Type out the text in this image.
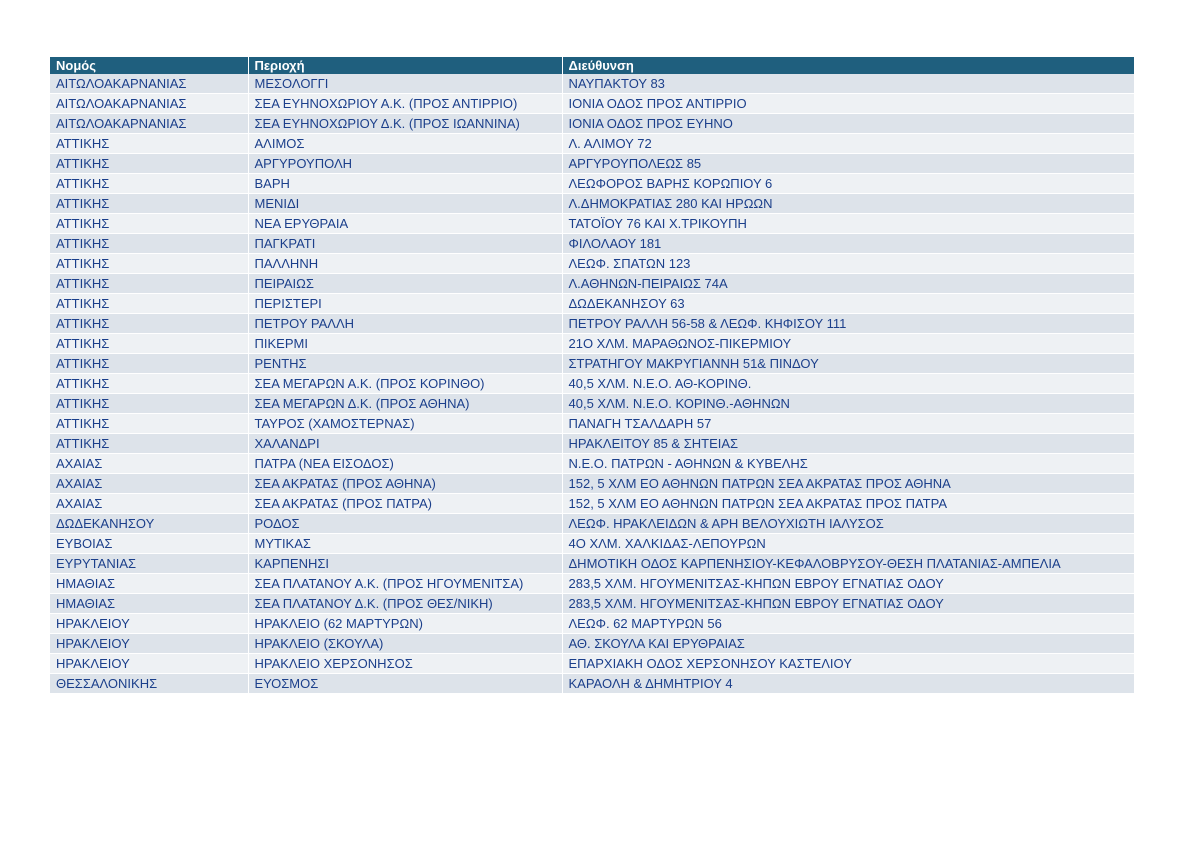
Νομός	Περιοχή	Διεύθυνση
ΑΙΤΩΛΟΑΚΑΡΝΑΝΙΑΣ	ΜΕΣΟΛΟΓΓΙ	ΝΑΥΠΑΚΤΟΥ 83
ΑΙΤΩΛΟΑΚΑΡΝΑΝΙΑΣ	ΣΕΑ ΕΥΗΝΟΧΩΡΙΟΥ Α.Κ. (ΠΡΟΣ ΑΝΤΙΡΡΙΟ)	ΙΟΝΙΑ ΟΔΟΣ ΠΡΟΣ ΑΝΤΙΡΡΙΟ
ΑΙΤΩΛΟΑΚΑΡΝΑΝΙΑΣ	ΣΕΑ ΕΥΗΝΟΧΩΡΙΟΥ Δ.Κ. (ΠΡΟΣ ΙΩΑΝΝΙΝΑ)	ΙΟΝΙΑ ΟΔΟΣ ΠΡΟΣ ΕΥΗΝΟ
ΑΤΤΙΚΗΣ	ΑΛΙΜΟΣ	Λ. ΑΛΙΜΟΥ 72
ΑΤΤΙΚΗΣ	ΑΡΓΥΡΟΥΠΟΛΗ	ΑΡΓΥΡΟΥΠΟΛΕΩΣ 85
ΑΤΤΙΚΗΣ	ΒΑΡΗ	ΛΕΩΦΟΡΟΣ ΒΑΡΗΣ ΚΟΡΩΠΙΟΥ 6
ΑΤΤΙΚΗΣ	ΜΕΝΙΔΙ	Λ.ΔΗΜΟΚΡΑΤΙΑΣ 280 ΚΑΙ ΗΡΩΩΝ
ΑΤΤΙΚΗΣ	ΝΕΑ ΕΡΥΘΡΑΙΑ	ΤΑΤΟΪΟΥ 76 ΚΑΙ Χ.ΤΡΙΚΟΥΠΗ
ΑΤΤΙΚΗΣ	ΠΑΓΚΡΑΤΙ	ΦΙΛΟΛΑΟΥ 181
ΑΤΤΙΚΗΣ	ΠΑΛΛΗΝΗ	ΛΕΩΦ. ΣΠΑΤΩΝ 123
ΑΤΤΙΚΗΣ	ΠΕΙΡΑΙΩΣ	Λ.ΑΘΗΝΩΝ-ΠΕΙΡΑΙΩΣ 74Α
ΑΤΤΙΚΗΣ	ΠΕΡΙΣΤΕΡΙ	ΔΩΔΕΚΑΝΗΣΟΥ 63
ΑΤΤΙΚΗΣ	ΠΕΤΡΟΥ ΡΑΛΛΗ	ΠΕΤΡΟΥ ΡΑΛΛΗ 56-58 & ΛΕΩΦ. ΚΗΦΙΣΟΥ 111
ΑΤΤΙΚΗΣ	ΠΙΚΕΡΜΙ	21Ο ΧΛΜ. ΜΑΡΑΘΩΝΟΣ-ΠΙΚΕΡΜΙΟΥ
ΑΤΤΙΚΗΣ	ΡΕΝΤΗΣ	ΣΤΡΑΤΗΓΟΥ ΜΑΚΡΥΓΙΑΝΝΗ 51& ΠΙΝΔΟΥ
ΑΤΤΙΚΗΣ	ΣΕΑ ΜΕΓΑΡΩΝ Α.Κ. (ΠΡΟΣ ΚΟΡΙΝΘΟ)	40,5 ΧΛΜ. Ν.Ε.Ο. ΑΘ-ΚΟΡΙΝΘ.
ΑΤΤΙΚΗΣ	ΣΕΑ ΜΕΓΑΡΩΝ Δ.Κ. (ΠΡΟΣ ΑΘΗΝΑ)	40,5 ΧΛΜ. Ν.Ε.Ο. ΚΟΡΙΝΘ.-ΑΘΗΝΩΝ
ΑΤΤΙΚΗΣ	ΤΑΥΡΟΣ (ΧΑΜΟΣΤΕΡΝΑΣ)	ΠΑΝΑΓΗ ΤΣΑΛΔΑΡΗ 57
ΑΤΤΙΚΗΣ	ΧΑΛΑΝΔΡΙ	ΗΡΑΚΛΕΙΤΟΥ 85 & ΣΗΤΕΙΑΣ
ΑΧΑΙΑΣ	ΠΑΤΡΑ (ΝΕΑ ΕΙΣΟΔΟΣ)	Ν.Ε.Ο. ΠΑΤΡΩΝ - ΑΘΗΝΩΝ & ΚΥΒΕΛΗΣ
ΑΧΑΙΑΣ	ΣΕΑ ΑΚΡΑΤΑΣ (ΠΡΟΣ ΑΘΗΝΑ)	152, 5 ΧΛΜ ΕΟ ΑΘΗΝΩΝ ΠΑΤΡΩΝ ΣΕΑ ΑΚΡΑΤΑΣ ΠΡΟΣ ΑΘΗΝΑ
ΑΧΑΙΑΣ	ΣΕΑ ΑΚΡΑΤΑΣ (ΠΡΟΣ ΠΑΤΡΑ)	152, 5 ΧΛΜ ΕΟ ΑΘΗΝΩΝ ΠΑΤΡΩΝ ΣΕΑ ΑΚΡΑΤΑΣ ΠΡΟΣ ΠΑΤΡΑ
ΔΩΔΕΚΑΝΗΣΟΥ	ΡΟΔΟΣ	ΛΕΩΦ. ΗΡΑΚΛΕΙΔΩΝ & ΑΡΗ ΒΕΛΟΥΧΙΩΤΗ ΙΑΛΥΣΟΣ
ΕΥΒΟΙΑΣ	ΜΥΤΙΚΑΣ	4Ο ΧΛΜ. ΧΑΛΚΙΔΑΣ-ΛΕΠΟΥΡΩΝ
ΕΥΡΥΤΑΝΙΑΣ	ΚΑΡΠΕΝΗΣΙ	ΔΗΜΟΤΙΚΗ ΟΔΟΣ ΚΑΡΠΕΝΗΣΙΟΥ-ΚΕΦΑΛΟΒΡΥΣΟΥ-ΘΕΣΗ ΠΛΑΤΑΝΙΑΣ-ΑΜΠΕΛΙΑ
ΗΜΑΘΙΑΣ	ΣΕΑ ΠΛΑΤΑΝΟΥ Α.Κ. (ΠΡΟΣ ΗΓΟΥΜΕΝΙΤΣΑ)	283,5 ΧΛΜ. ΗΓΟΥΜΕΝΙΤΣΑΣ-ΚΗΠΩΝ ΕΒΡΟΥ ΕΓΝΑΤΙΑΣ ΟΔΟΥ
ΗΜΑΘΙΑΣ	ΣΕΑ ΠΛΑΤΑΝΟΥ Δ.Κ. (ΠΡΟΣ ΘΕΣ/ΝΙΚΗ)	283,5 ΧΛΜ. ΗΓΟΥΜΕΝΙΤΣΑΣ-ΚΗΠΩΝ ΕΒΡΟΥ ΕΓΝΑΤΙΑΣ ΟΔΟΥ
ΗΡΑΚΛΕΙΟΥ	ΗΡΑΚΛΕΙΟ (62 ΜΑΡΤΥΡΩΝ)	ΛΕΩΦ. 62 ΜΑΡΤΥΡΩΝ 56
ΗΡΑΚΛΕΙΟΥ	ΗΡΑΚΛΕΙΟ (ΣΚΟΥΛΑ)	ΑΘ. ΣΚΟΥΛΑ ΚΑΙ ΕΡΥΘΡΑΙΑΣ
ΗΡΑΚΛΕΙΟΥ	ΗΡΑΚΛΕΙΟ ΧΕΡΣΟΝΗΣΟΣ	ΕΠΑΡΧΙΑΚΗ ΟΔΟΣ ΧΕΡΣΟΝΗΣΟΥ ΚΑΣΤΕΛΙΟΥ
ΘΕΣΣΑΛΟΝΙΚΗΣ	ΕΥΟΣΜΟΣ	ΚΑΡΑΟΛΗ & ΔΗΜΗΤΡΙΟΥ 4
